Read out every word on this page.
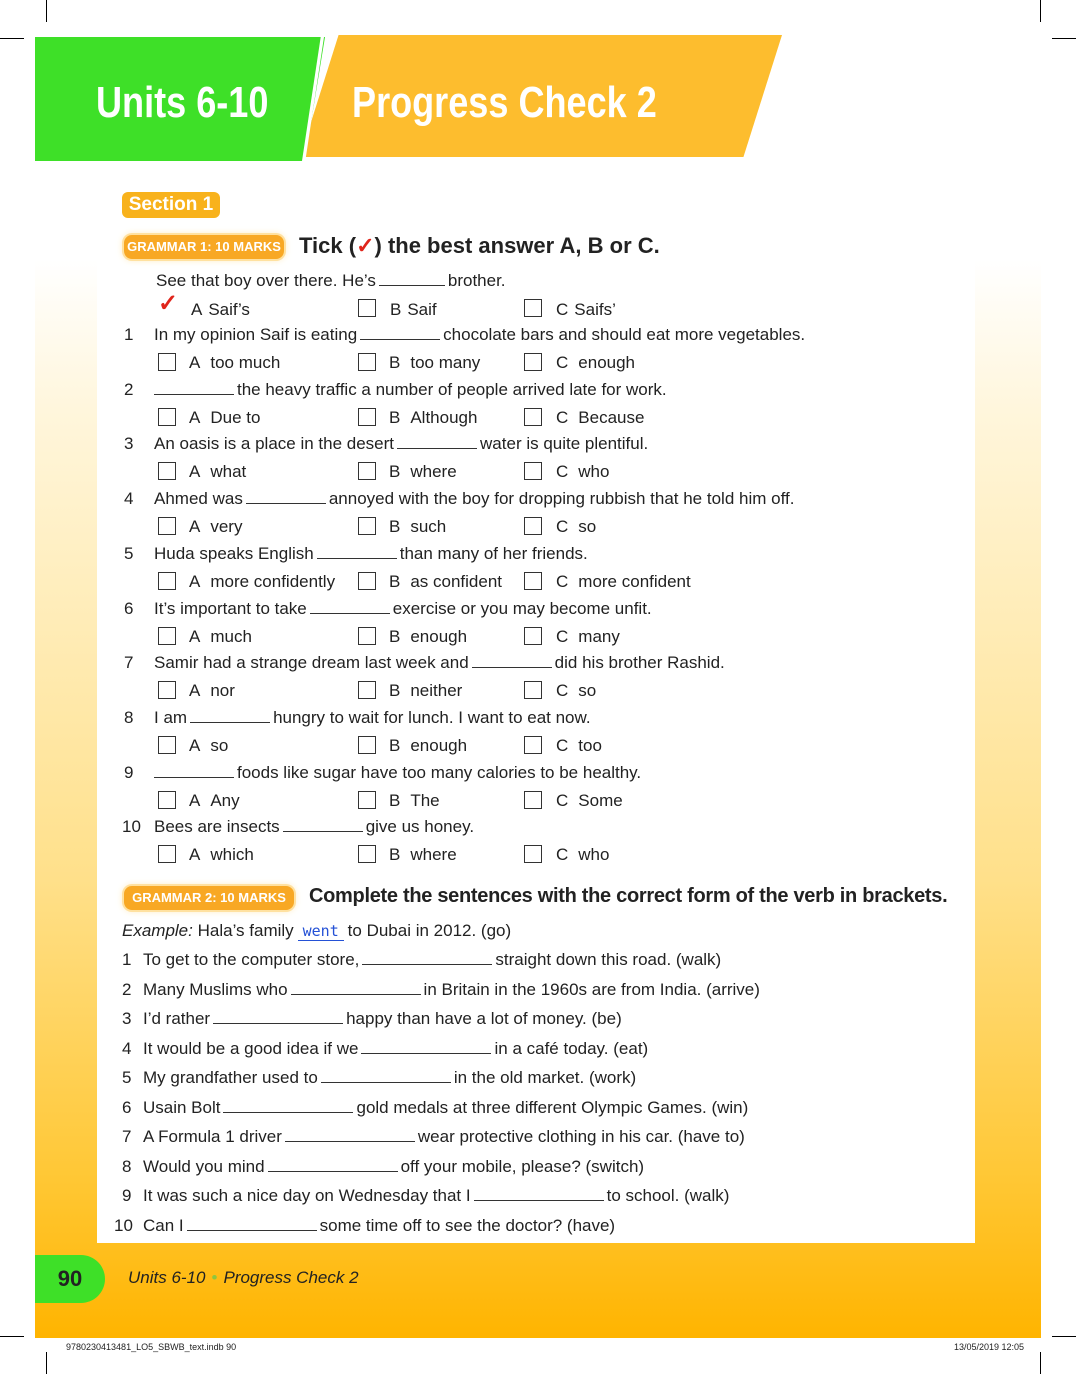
Units 6-10 Progress Check 2
Section 1
GRAMMAR 1: 10 MARKS Tick (✓) the best answer A, B or C.
See that boy over there. He’s	brother.
✓ A Saif’s	B Saif	C Saifs’
1 In my opinion Saif is eating	chocolate bars and should eat more vegetables.
A too much	B too many	C enough
2	the heavy traffic a number of people arrived late for work.
A Due to	B Although	C Because
3 An oasis is a place in the desert	water is quite plentiful.
A what	B where	C who
4 Ahmed was	annoyed with the boy for dropping rubbish that he told him off.
A very	B such	C so
5 Huda speaks English	than many of her friends.
A more confidently	B as confident	C more confident
6 It’s important to take	exercise or you may become unfit.
A much	B enough	C many
7 Samir had a strange dream last week and	did his brother Rashid.
A nor	B neither	C so
8 I am	hungry to wait for lunch. I want to eat now.
A so	B enough	C too
9	foods like sugar have too many calories to be healthy.
A Any	B The	C Some
10 Bees are insects	give us honey.
A which	B where	C who
GRAMMAR 2: 10 MARKS	Complete the sentences with the correct form of the verb in brackets.
Example: Hala’s family went to Dubai in 2012. (go)
1 To get to the computer store,	straight down this road. (walk)
2 Many Muslims who	in Britain in the 1960s are from India. (arrive)
3 I’d rather	happy than have a lot of money. (be)
4 It would be a good idea if we	in a café today. (eat)
5 My grandfather used to	in the old market. (work)
6 Usain Bolt	gold medals at three different Olympic Games. (win)
7 A Formula 1 driver	wear protective clothing in his car. (have to)
8 Would you mind	off your mobile, please? (switch)
9 It was such a nice day on Wednesday that I	to school. (walk)
10 Can I	some time off to see the doctor? (have)
90	Units 6-10 • Progress Check 2
9780230413481_LO5_SBWB_text.indb 90	13/05/2019 12:05
